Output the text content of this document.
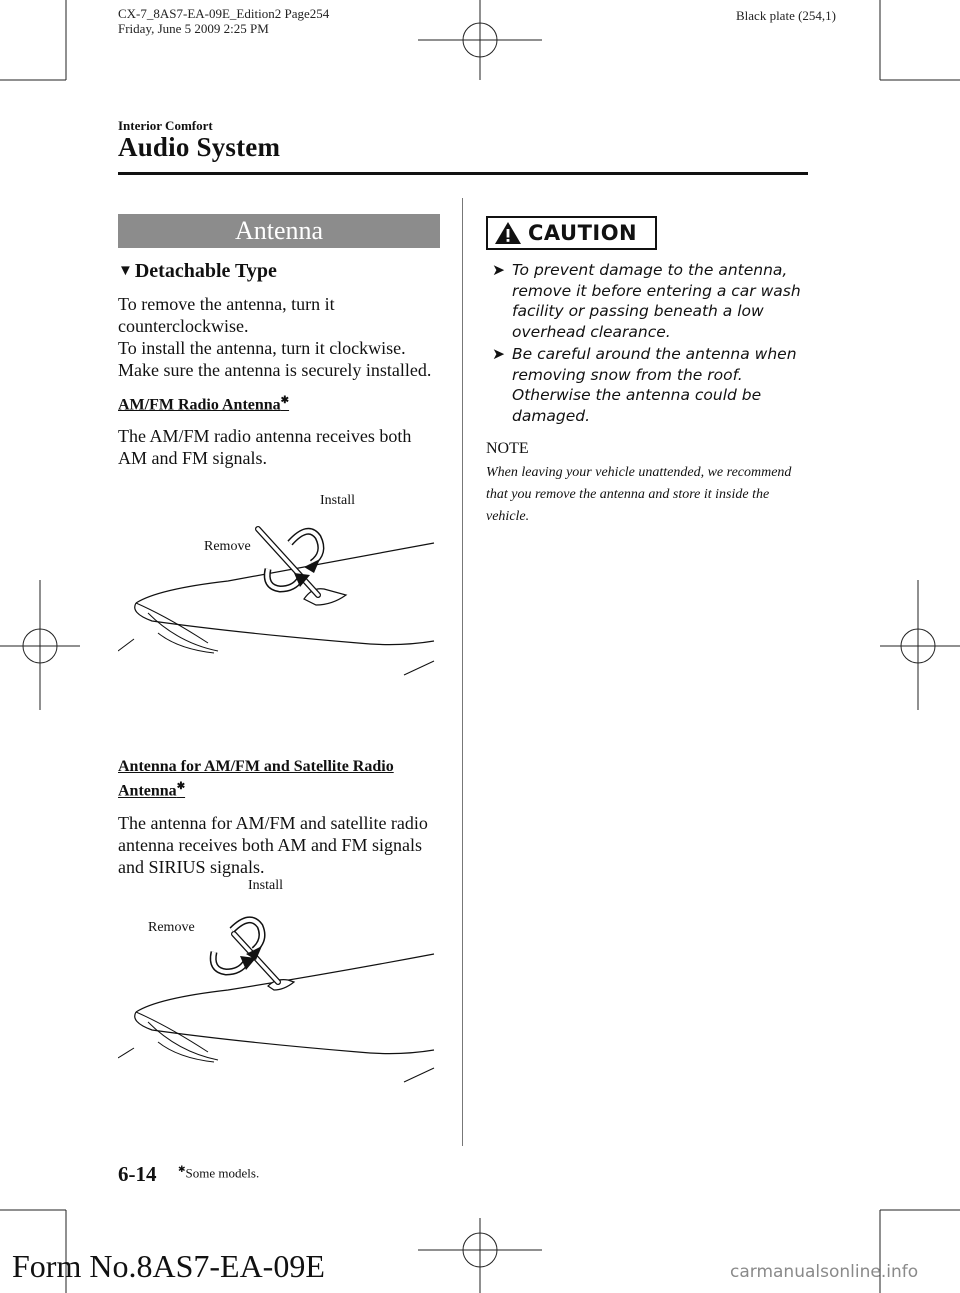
CX-7_8AS7-EA-09E_Edition2 Page254
Friday, June 5 2009 2:25 PM
Black plate (254,1)
Interior Comfort
Audio System
Antenna
▼ Detachable Type

To remove the antenna, turn it counterclockwise.
To install the antenna, turn it clockwise.
Make sure the antenna is securely installed.

AM/FM Radio Antenna✱

The AM/FM radio antenna receives both AM and FM signals.

Install
Remove
Antenna for AM/FM and Satellite Radio Antenna✱

The antenna for AM/FM and satellite radio antenna receives both AM and FM signals and SIRIUS signals.

Install
Remove
CAUTION
➤ To prevent damage to the antenna, remove it before entering a car wash facility or passing beneath a low overhead clearance.
➤ Be careful around the antenna when removing snow from the roof. Otherwise the antenna could be damaged.
NOTE

When leaving your vehicle unattended, we recommend that you remove the antenna and store it inside the vehicle.

6-14 ✱Some models.
Form No.8AS7-EA-09E	carmanualsonline.info
